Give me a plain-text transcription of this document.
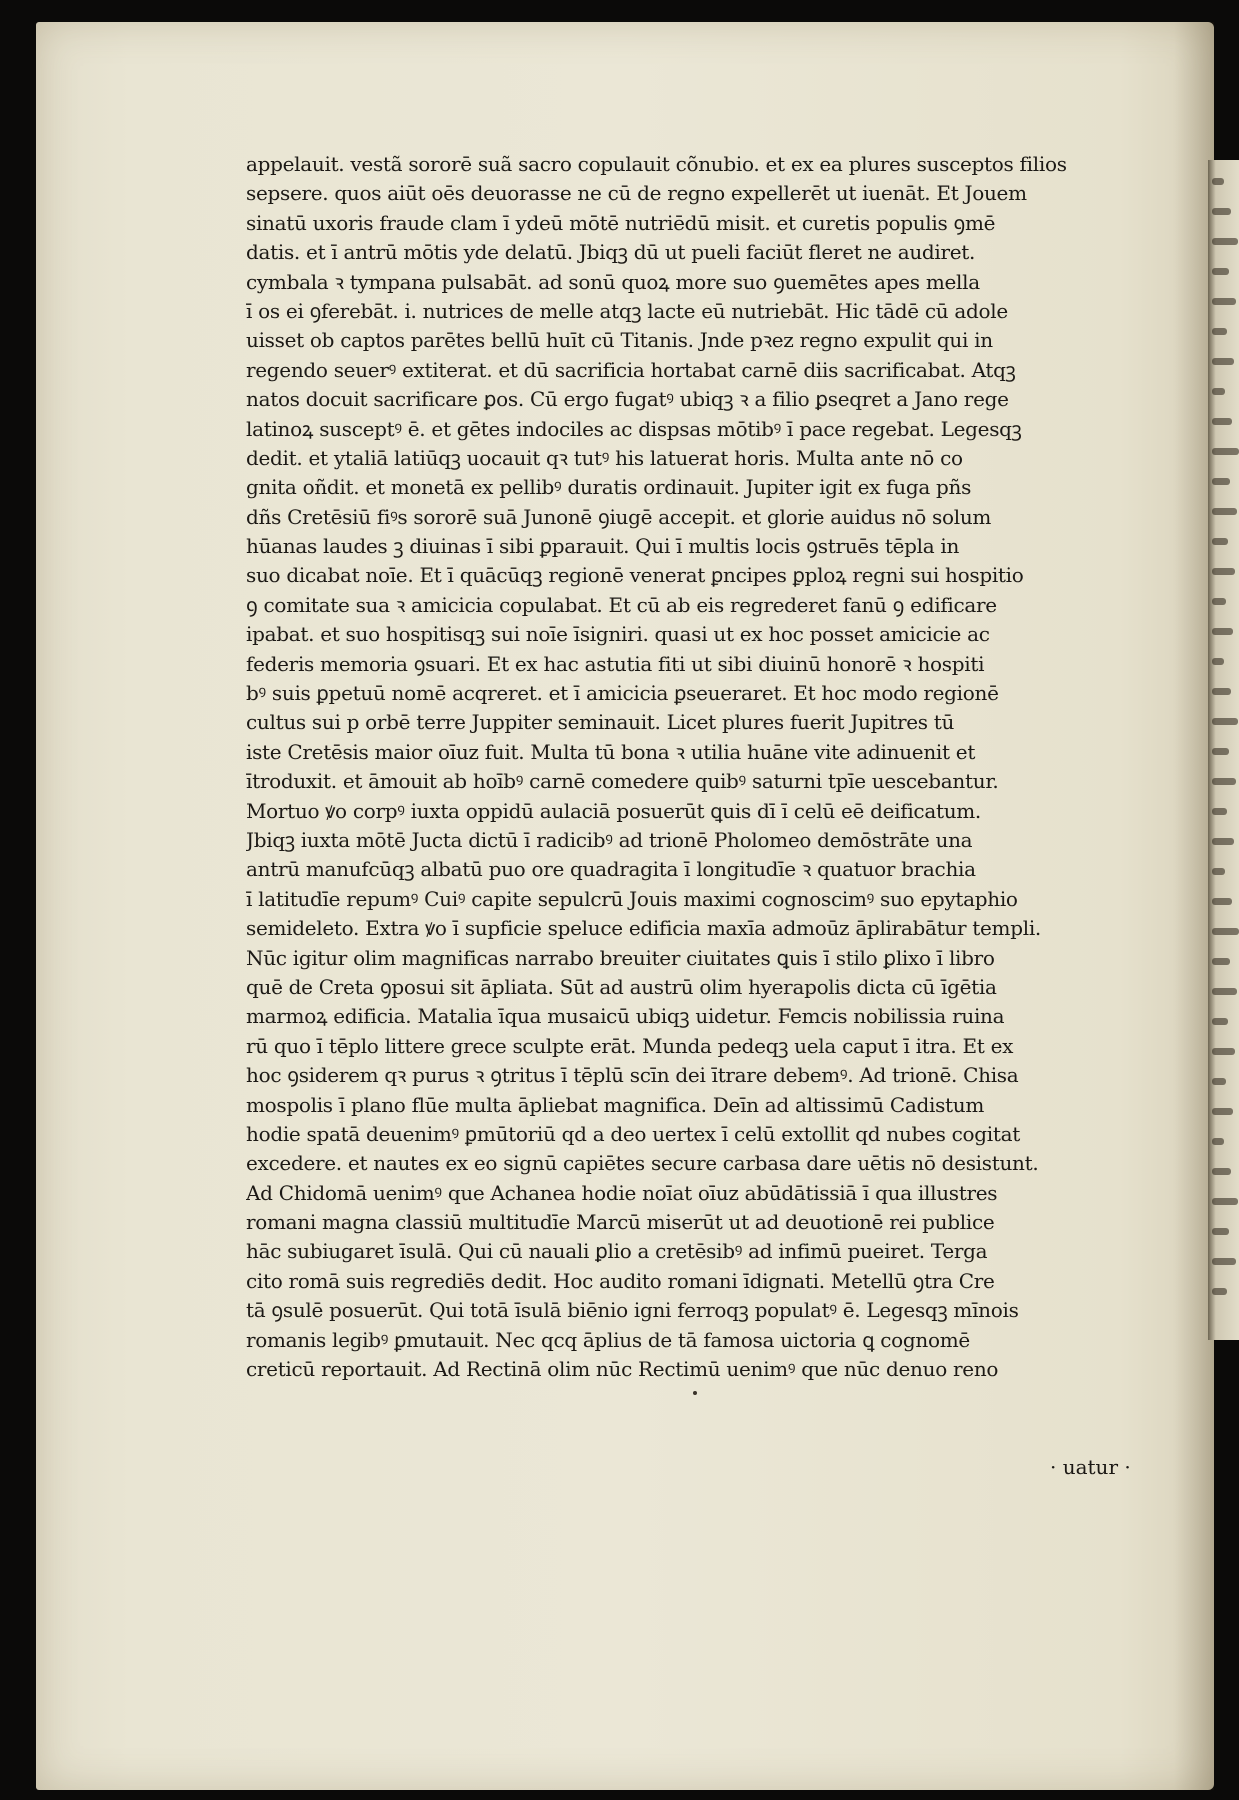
appelauit. vestã sororē suã sacro copulauit cõnubio. et ex ea plures susceptos filios
sepsere. quos aiūt oēs deuorasse ne cū de regno expellerēt ut iuenāt. Et Jouem
sinatū uxoris fraude clam ī ydeū mōtē nutriēdū misit. et curetis populis ꝯmē
datis. et ī antrū mōtis yde delatū. Jbiqꝫ dū ut pueli faciūt fleret ne audiret.
cymbala ꝛ tympana pulsabāt. ad sonū quoꝝ more suo ꝯuemētes apes mella
ī os ei ꝯferebāt. i. nutrices de melle atqꝫ lacte eū nutriebāt. Hic tādē cū adole
uisset ob captos parētes bellū huīt cū Titanis. Jnde pꝛez regno expulit qui in
regendo seuerꝰ extiterat. et dū sacrificia hortabat carnē diis sacrificabat. Atqꝫ
natos docuit sacrificare ꝑos. Cū ergo fugatꝰ ubiqꝫ ꝛ a filio ꝑseqret a Jano rege
latinoꝝ susceptꝰ ē. et gētes indociles ac dispsas mōtibꝰ ī pace regebat. Legesqꝫ
dedit. et ytaliā latiūqꝫ uocauit qꝛ tutꝰ his latuerat horis. Multa ante nō co
gnita oñdit. et monetā ex pellibꝰ duratis ordinauit. Jupiter igit ex fuga pñs
dñs Cretēsiū fiꝰs sororē suā Junonē ꝯiugē accepit. et glorie auidus nō solum
hūanas laudes ꝫ diuinas ī sibi ꝑparauit. Qui ī multis locis ꝯstruēs tēpla in
suo dicabat noīe. Et ī quācūqꝫ regionē venerat ꝑncipes ꝑploꝝ regni sui hospitio
ꝯ comitate sua ꝛ amicicia copulabat. Et cū ab eis regrederet fanū ꝯ edificare
ipabat. et suo hospitisqꝫ sui noīe īsigniri. quasi ut ex hoc posset amicicie ac
federis memoria ꝯsuari. Et ex hac astutia fiti ut sibi diuinū honorē ꝛ hospiti
bꝰ suis ꝑpetuū nomē acqreret. et ī amicicia ꝑseueraret. Et hoc modo regionē
cultus sui p orbē terre Juppiter seminauit. Licet plures fuerit Jupitres tū
iste Cretēsis maior oīuz fuit. Multa tū bona ꝛ utilia huāne vite adinuenit et
ītroduxit. et āmouit ab hoībꝰ carnē comedere quibꝰ saturni tpīe uescebantur.
Mortuo ꝟo corpꝰ iuxta oppidū aulaciā posuerūt ꝗuis dī ī celū eē deificatum.
Jbiqꝫ iuxta mōtē Jucta dictū ī radicibꝰ ad trionē Pholomeo demōstrāte una
antrū manufcūqꝫ albatū puo ore quadragita ī longitudīe ꝛ quatuor brachia
ī latitudīe repumꝰ Cuiꝰ capite sepulcrū Jouis maximi cognoscimꝰ suo epytaphio
semideleto. Extra ꝟo ī supficie speluce edificia maxīa admoūz āplirabātur templi.
Nūc igitur olim magnificas narrabo breuiter ciuitates ꝗuis ī stilo ꝑlixo ī libro
quē de Creta ꝯposui sit āpliata. Sūt ad austrū olim hyerapolis dicta cū īgētia
marmoꝝ edificia. Matalia īqua musaicū ubiqꝫ uidetur. Femcis nobilissia ruina
rū quo ī tēplo littere grece sculpte erāt. Munda pedeqꝫ uela caput ī itra. Et ex
hoc ꝯsiderem qꝛ purus ꝛ ꝯtritus ī tēplū scīn dei ītrare debemꝰ. Ad trionē. Chisa
mospolis ī plano flūe multa āpliebat magnifica. Deīn ad altissimū Cadistum
hodie spatā deuenimꝰ ꝑmūtoriū qd a deo uertex ī celū extollit qd nubes cogitat
excedere. et nautes ex eo signū capiētes secure carbasa dare uētis nō desistunt.
Ad Chidomā uenimꝰ que Achanea hodie noīat oīuz abūdātissiā ī qua illustres
romani magna classiū multitudīe Marcū miserūt ut ad deuotionē rei publice
hāc subiugaret īsulā. Qui cū nauali ꝑlio a cretēsibꝰ ad infimū pueiret. Terga
cito romā suis regrediēs dedit. Hoc audito romani īdignati. Metellū ꝯtra Cre
tā ꝯsulē posuerūt. Qui totā īsulā biēnio igni ferroqꝫ populatꝰ ē. Legesqꝫ mīnois
romanis legibꝰ ꝑmutauit. Nec qcq āplius de tā famosa uictoria ꝗ cognomē
creticū reportauit. Ad Rectinā olim nūc Rectimū uenimꝰ que nūc denuo reno
· uatur ·
